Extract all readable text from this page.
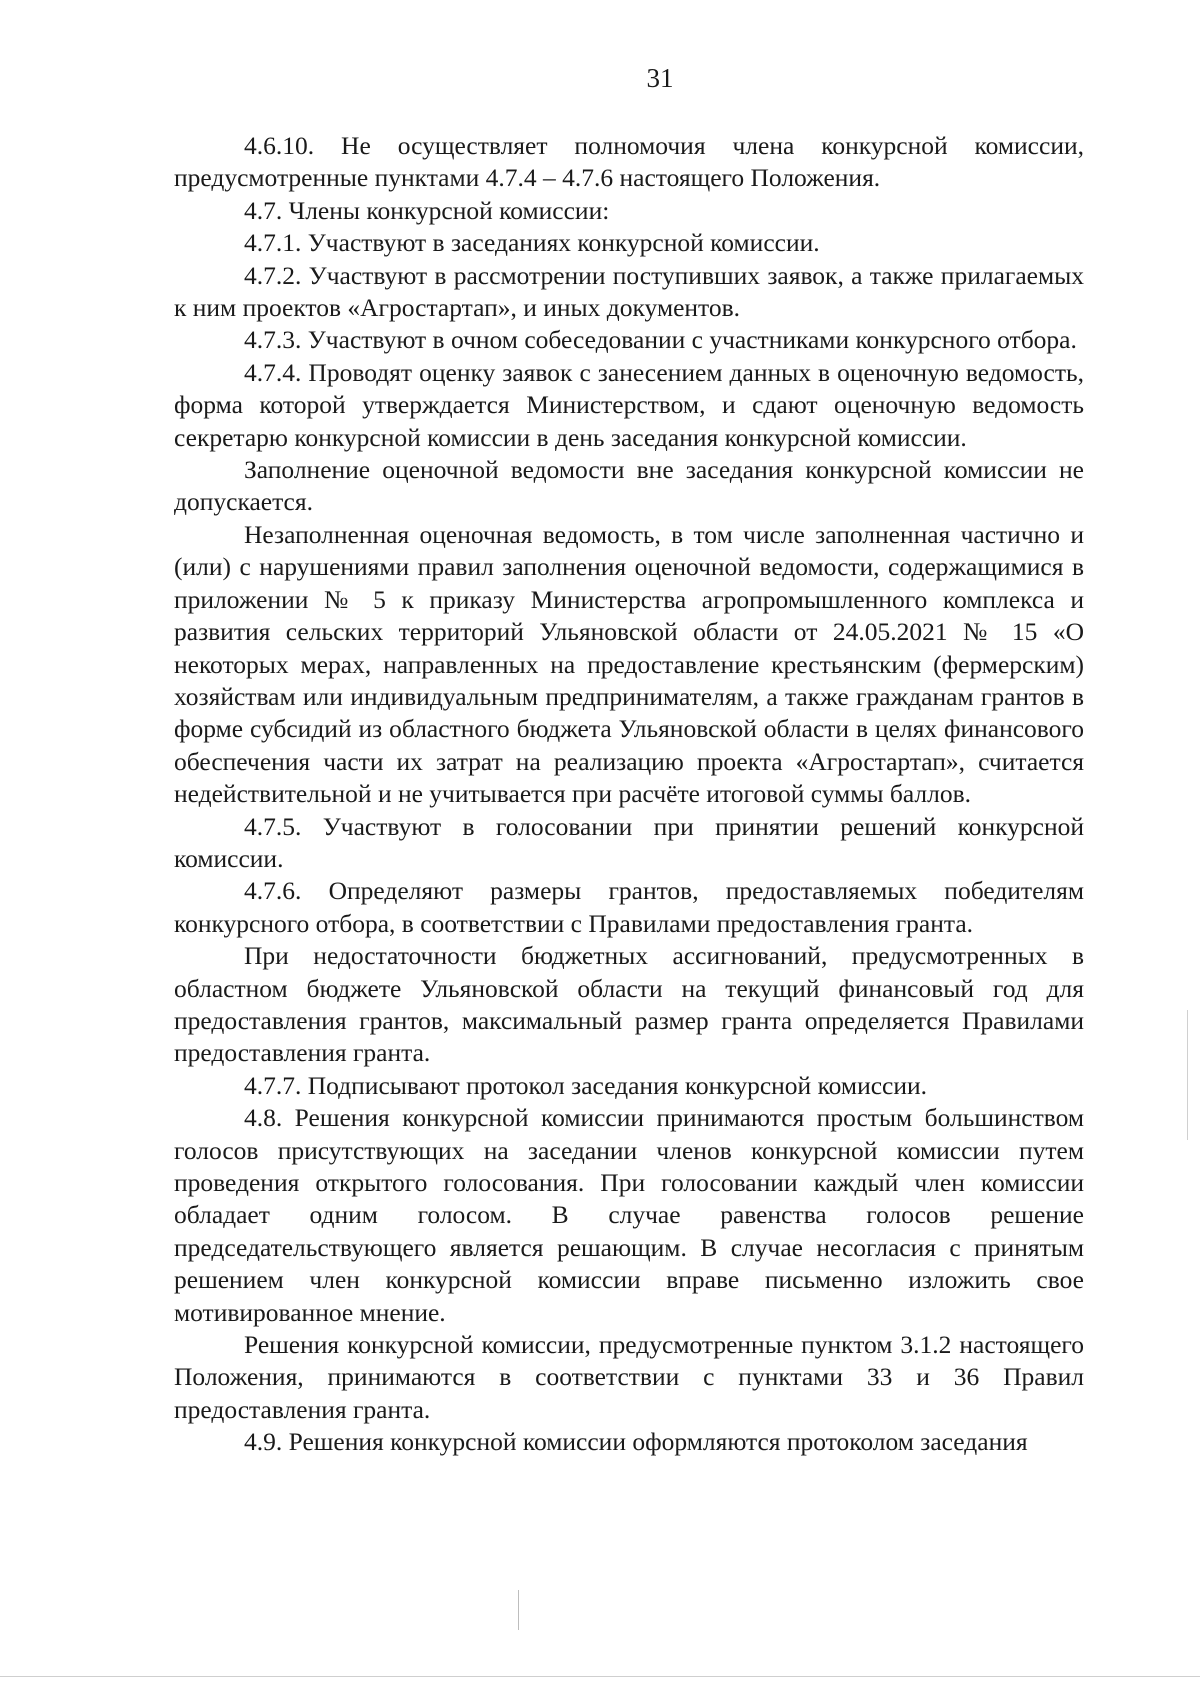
31

4.6.10. Не осуществляет полномочия члена конкурсной комиссии, предусмотренные пунктами 4.7.4 – 4.7.6 настоящего Положения.

4.7. Члены конкурсной комиссии:

4.7.1. Участвуют в заседаниях конкурсной комиссии.

4.7.2. Участвуют в рассмотрении поступивших заявок, а также прилагаемых к ним проектов «Агростартап», и иных документов.

4.7.3. Участвуют в очном собеседовании с участниками конкурсного отбора.

4.7.4. Проводят оценку заявок с занесением данных в оценочную ведомость, форма которой утверждается Министерством, и сдают оценочную ведомость секретарю конкурсной комиссии в день заседания конкурсной комиссии.

Заполнение оценочной ведомости вне заседания конкурсной комиссии не допускается.

Незаполненная оценочная ведомость, в том числе заполненная частично и (или) с нарушениями правил заполнения оценочной ведомости, содержащимися в приложении № 5 к приказу Министерства агропромышленного комплекса и развития сельских территорий Ульяновской области от 24.05.2021 № 15 «О некоторых мерах, направленных на предоставление крестьянским (фермерским) хозяйствам или индивидуальным предпринимателям, а также гражданам грантов в форме субсидий из областного бюджета Ульяновской области в целях финансового обеспечения части их затрат на реализацию проекта «Агростартап», считается недействительной и не учитывается при расчёте итоговой суммы баллов.

4.7.5. Участвуют в голосовании при принятии решений конкурсной комиссии.

4.7.6. Определяют размеры грантов, предоставляемых победителям конкурсного отбора, в соответствии с Правилами предоставления гранта.

При недостаточности бюджетных ассигнований, предусмотренных в областном бюджете Ульяновской области на текущий финансовый год для предоставления грантов, максимальный размер гранта определяется Правилами предоставления гранта.

4.7.7. Подписывают протокол заседания конкурсной комиссии.

4.8. Решения конкурсной комиссии принимаются простым большинством голосов присутствующих на заседании членов конкурсной комиссии путем проведения открытого голосования. При голосовании каждый член комиссии обладает одним голосом. В случае равенства голосов решение председательствующего является решающим. В случае несогласия с принятым решением член конкурсной комиссии вправе письменно изложить свое мотивированное мнение.

Решения конкурсной комиссии, предусмотренные пунктом 3.1.2 настоящего Положения, принимаются в соответствии с пунктами 33 и 36 Правил предоставления гранта.

4.9. Решения конкурсной комиссии оформляются протоколом заседания
